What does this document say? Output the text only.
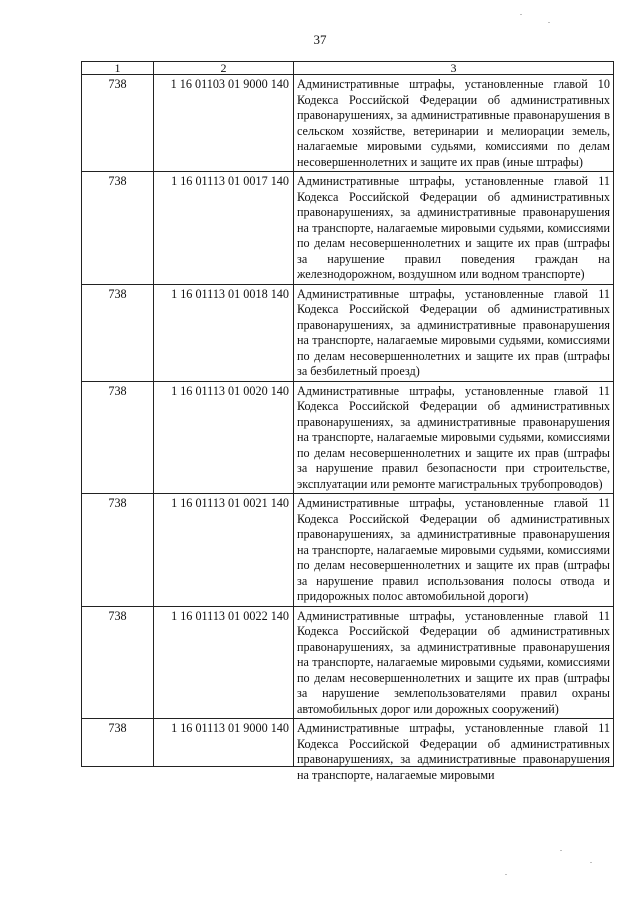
37
1	2	3
738	1 16 01103 01 9000 140	Административные штрафы, установленные главой 10 Кодекса Российской Федерации об административных правонарушениях, за административные правонарушения в сельском хозяйстве, ветеринарии и мелиорации земель, налагаемые мировыми судьями, комиссиями по делам несовершеннолетних и защите их прав (иные штрафы)
738	1 16 01113 01 0017 140	Административные штрафы, установленные главой 11 Кодекса Российской Федерации об административных правонарушениях, за административные правонарушения на транспорте, налагаемые мировыми судьями, комиссиями по делам несовершеннолетних и защите их прав (штрафы за нарушение правил поведения граждан на железнодорожном, воздушном или водном транспорте)
738	1 16 01113 01 0018 140	Административные штрафы, установленные главой 11 Кодекса Российской Федерации об административных правонарушениях, за административные правонарушения на транспорте, налагаемые мировыми судьями, комиссиями по делам несовершеннолетних и защите их прав (штрафы за безбилетный проезд)
738	1 16 01113 01 0020 140	Административные штрафы, установленные главой 11 Кодекса Российской Федерации об административных правонарушениях, за административные правонарушения на транспорте, налагаемые мировыми судьями, комиссиями по делам несовершеннолетних и защите их прав (штрафы за нарушение правил безопасности при строительстве, эксплуатации или ремонте магистральных трубопроводов)
738	1 16 01113 01 0021 140	Административные штрафы, установленные главой 11 Кодекса Российской Федерации об административных правонарушениях, за административные правонарушения на транспорте, налагаемые мировыми судьями, комиссиями по делам несовершеннолетних и защите их прав (штрафы за нарушение правил использования полосы отвода и придорожных полос автомобильной дороги)
738	1 16 01113 01 0022 140	Административные штрафы, установленные главой 11 Кодекса Российской Федерации об административных правонарушениях, за административные правонарушения на транспорте, налагаемые мировыми судьями, комиссиями по делам несовершеннолетних и защите их прав (штрафы за нарушение землепользователями правил охраны автомобильных дорог или дорожных сооружений)
738	1 16 01113 01 9000 140	Административные штрафы, установленные главой 11 Кодекса Российской Федерации об административных правонарушениях, за административные правонарушения на транспорте, налагаемые мировыми
